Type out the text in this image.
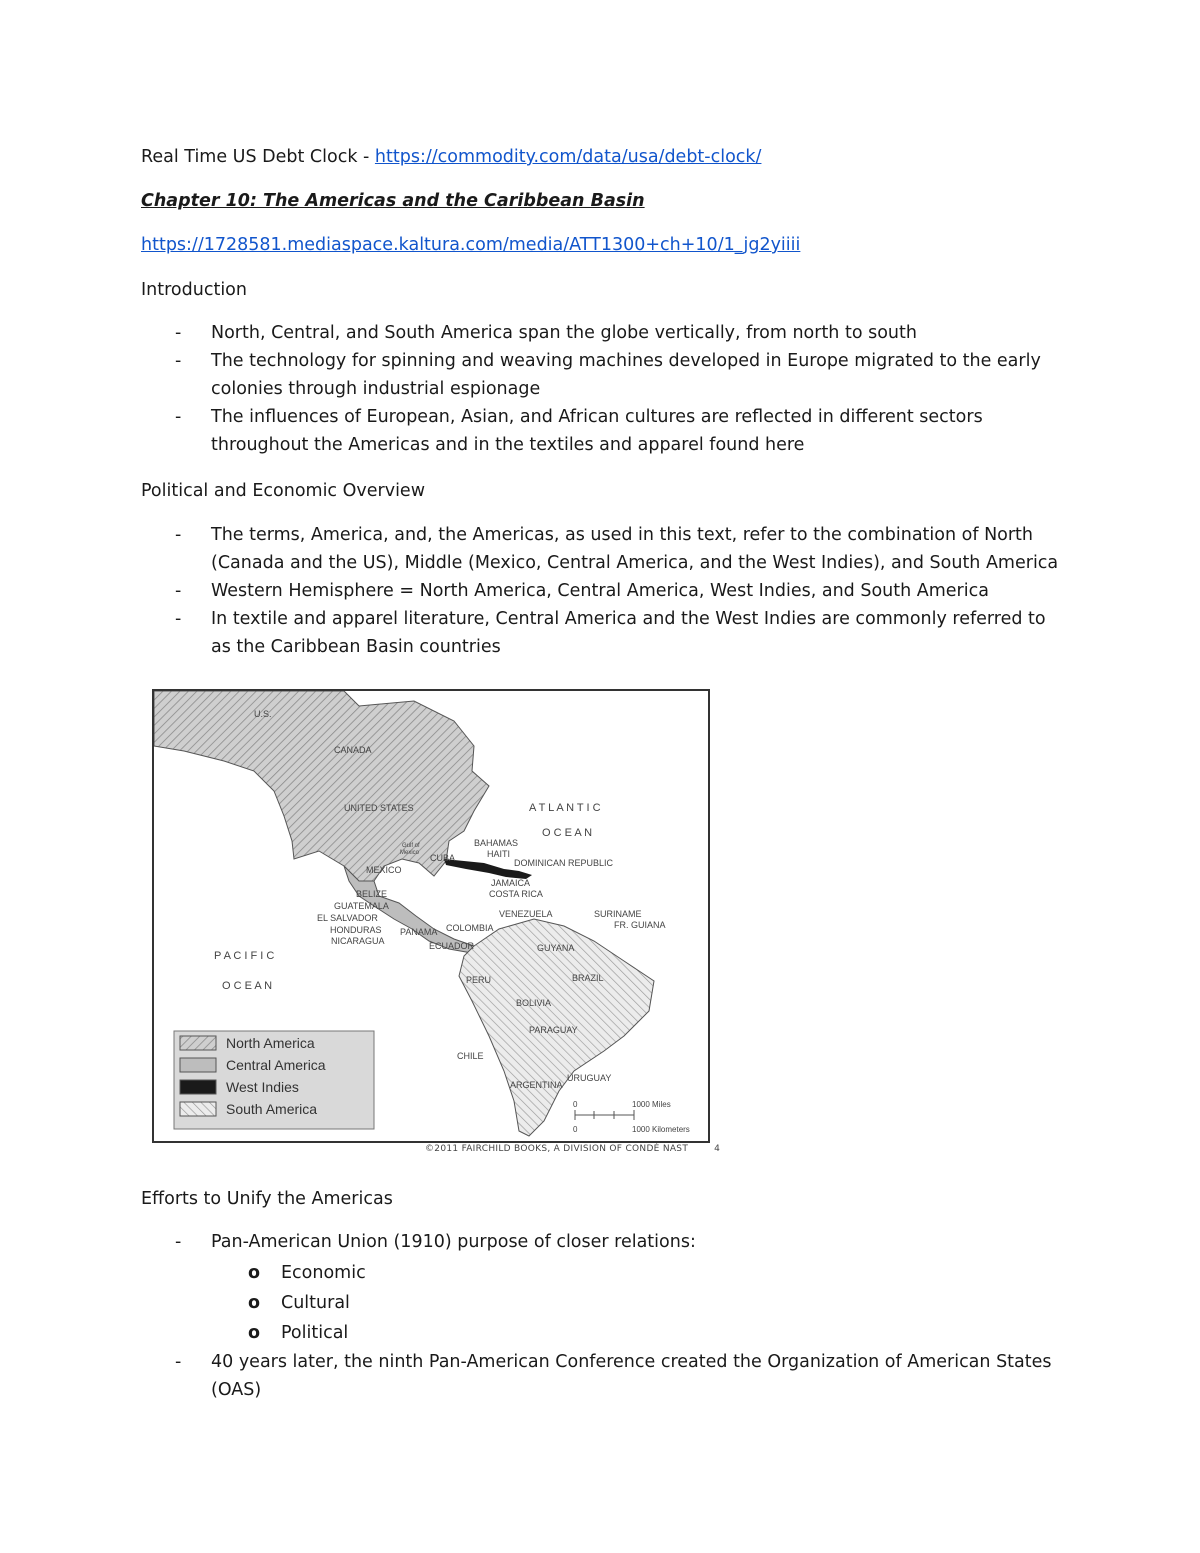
Real Time US Debt Clock - https://commodity.com/data/usa/debt-clock/

Chapter 10: The Americas and the Caribbean Basin

https://1728581.mediaspace.kaltura.com/media/ATT1300+ch+10/1_jg2yiiii

Introduction

- North, Central, and South America span the globe vertically, from north to south
- The technology for spinning and weaving machines developed in Europe migrated to the early colonies through industrial espionage
- The influences of European, Asian, and African cultures are reflected in different sectors throughout the Americas and in the textiles and apparel found here

Political and Economic Overview

- The terms, America, and, the Americas, as used in this text, refer to the combination of North (Canada and the US), Middle (Mexico, Central America, and the West Indies), and South America
- Western Hemisphere = North America, Central America, West Indies, and South America
- In textile and apparel literature, Central America and the West Indies are commonly referred to as the Caribbean Basin countries
North America
Central America
West Indies
South America
U.S.
CANADA
UNITED STATES	A T L A N T I C
O C E A N
P A C I F I C
O C E A N
Gulf of
Mexico CUBA
BAHAMAS
HAITI
DOMINICAN REPUBLIC
MEXICO
JAMAICA
COSTA RICA
BELIZE
GUATEMALA
EL SALVADOR
HONDURAS
NICARAGUA
PANAMA COLOMBIA
VENEZUELA
ECUADOR
SURINAME
FR. GUIANA
GUYANA
BRAZIL
PERU
BOLIVIA
PARAGUAY
CHILE
ARGENTINA
URUGUAY
0	1000 Miles
0	1000 Kilometers
©2011 FAIRCHILD BOOKS, A DIVISION OF CONDÉ NAST	4

Efforts to Unify the Americas

- Pan-American Union (1910) purpose of closer relations:
o Economic
o Cultural
o Political
- 40 years later, the ninth Pan-American Conference created the Organization of American States (OAS)
